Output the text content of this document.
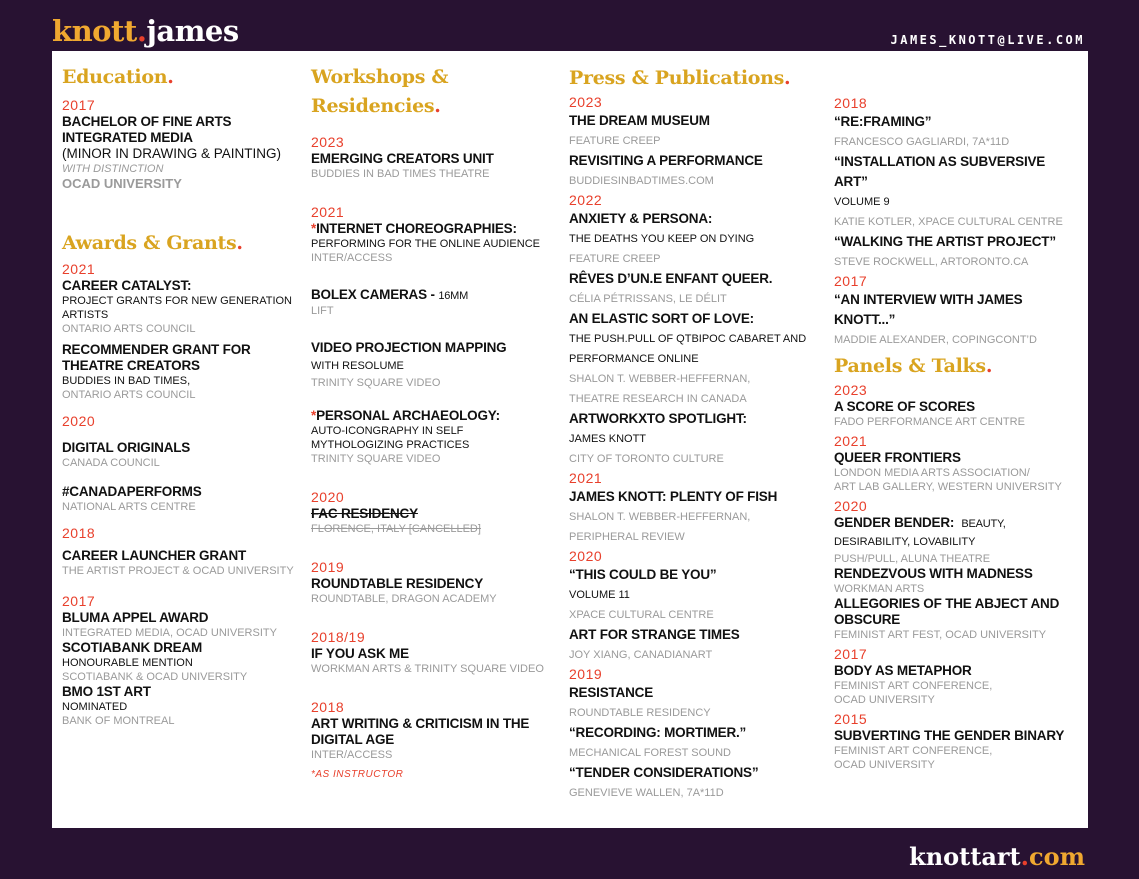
knott.james	JAMES_KNOTT@LIVE.COM
Education.
2017
BACHELOR OF FINE ARTS
INTEGRATED MEDIA
(MINOR IN DRAWING & PAINTING)
WITH DISTINCTION
OCAD UNIVERSITY
Awards & Grants.
2021
CAREER CATALYST:
PROJECT GRANTS FOR NEW GENERATION ARTISTS
ONTARIO ARTS COUNCIL
RECOMMENDER GRANT FOR THEATRE CREATORS
BUDDIES IN BAD TIMES,
ONTARIO ARTS COUNCIL
2020
DIGITAL ORIGINALS
CANADA COUNCIL
#CANADAPERFORMS
NATIONAL ARTS CENTRE
2018
CAREER LAUNCHER GRANT
THE ARTIST PROJECT & OCAD UNIVERSITY
2017
BLUMA APPEL AWARD
INTEGRATED MEDIA, OCAD UNIVERSITY
SCOTIABANK DREAM
HONOURABLE MENTION
SCOTIABANK & OCAD UNIVERSITY
BMO 1ST ART
NOMINATED
BANK OF MONTREAL
Workshops &
Residencies.
2023
EMERGING CREATORS UNIT
BUDDIES IN BAD TIMES THEATRE
2021
*INTERNET CHOREOGRAPHIES:
PERFORMING FOR THE ONLINE AUDIENCE
INTER/ACCESS
BOLEX CAMERAS - 16MM
LIFT
VIDEO PROJECTION MAPPING
WITH RESOLUME
TRINITY SQUARE VIDEO
*PERSONAL ARCHAEOLOGY:
AUTO-ICONGRAPHY IN SELF MYTHOLOGIZING PRACTICES
TRINITY SQUARE VIDEO
2020
FAC RESIDENCY
FLORENCE, ITALY [CANCELLED]
2019
ROUNDTABLE RESIDENCY
ROUNDTABLE, DRAGON ACADEMY
2018/19
IF YOU ASK ME
WORKMAN ARTS & TRINITY SQUARE VIDEO
2018
ART WRITING & CRITICISM IN THE DIGITAL AGE
INTER/ACCESS
*AS INSTRUCTOR
Press & Publications.
2023
THE DREAM MUSEUM
FEATURE CREEP
REVISITING A PERFORMANCE
BUDDIESINBADTIMES.COM
2022
ANXIETY & PERSONA:
THE DEATHS YOU KEEP ON DYING
FEATURE CREEP
RÊVES D’UN.E ENFANT QUEER.
CÉLIA PÉTRISSANS, LE DÉLIT
AN ELASTIC SORT OF LOVE:
THE PUSH.PULL OF QTBIPOC CABARET AND PERFORMANCE ONLINE
SHALON T. WEBBER-HEFFERNAN,
THEATRE RESEARCH IN CANADA
ARTWORKXTO SPOTLIGHT:
JAMES KNOTT
CITY OF TORONTO CULTURE
2021
JAMES KNOTT: PLENTY OF FISH
SHALON T. WEBBER-HEFFERNAN,
PERIPHERAL REVIEW
2020
“THIS COULD BE YOU”
VOLUME 11
XPACE CULTURAL CENTRE
ART FOR STRANGE TIMES
JOY XIANG, CANADIANART
2019
RESISTANCE
ROUNDTABLE RESIDENCY
“RECORDING: MORTIMER.”
MECHANICAL FOREST SOUND
“TENDER CONSIDERATIONS”
GENEVIEVE WALLEN, 7A*11D
2018
“RE:FRAMING”
FRANCESCO GAGLIARDI, 7A*11D
“INSTALLATION AS SUBVERSIVE ART”
VOLUME 9
KATIE KOTLER, XPACE CULTURAL CENTRE
“WALKING THE ARTIST PROJECT”
STEVE ROCKWELL, ARTORONTO.CA
2017
“AN INTERVIEW WITH JAMES KNOTT...”
MADDIE ALEXANDER, COPINGCONT’D
Panels & Talks.
2023
A SCORE OF SCORES
FADO PERFORMANCE ART CENTRE
2021
QUEER FRONTIERS
LONDON MEDIA ARTS ASSOCIATION/
ART LAB GALLERY, WESTERN UNIVERSITY
2020
GENDER BENDER: BEAUTY,
DESIRABILITY, LOVABILITY
PUSH/PULL, ALUNA THEATRE
RENDEZVOUS WITH MADNESS
WORKMAN ARTS
ALLEGORIES OF THE ABJECT AND OBSCURE
FEMINIST ART FEST, OCAD UNIVERSITY
2017
BODY AS METAPHOR
FEMINIST ART CONFERENCE,
OCAD UNIVERSITY
2015
SUBVERTING THE GENDER BINARY
FEMINIST ART CONFERENCE,
OCAD UNIVERSITY
knottart.com
